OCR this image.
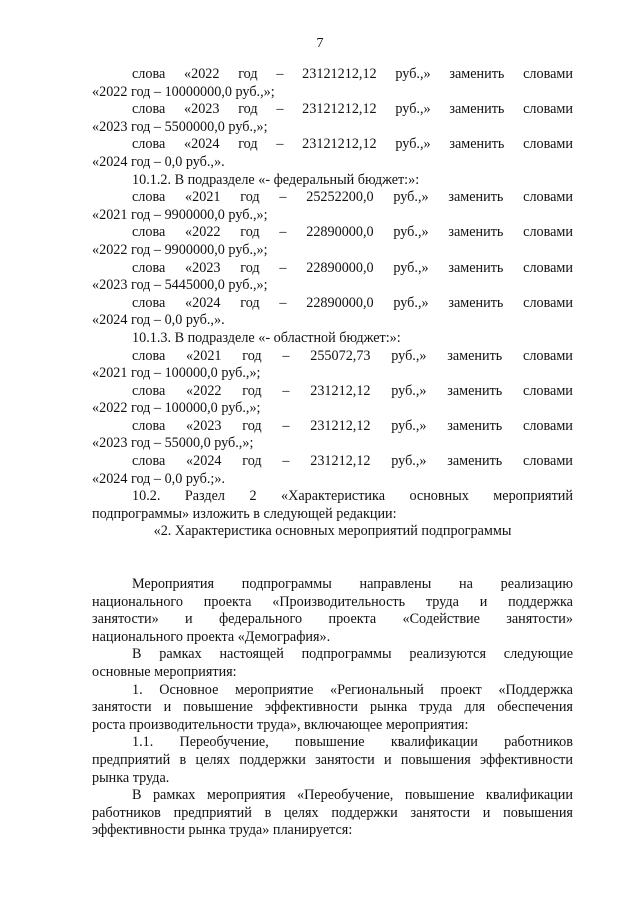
7
слова «2022 год – 23121212,12 руб.,» заменить словами
«2022 год – 10000000,0 руб.,»;
слова «2023 год – 23121212,12 руб.,» заменить словами
«2023 год – 5500000,0 руб.,»;
слова «2024 год – 23121212,12 руб.,» заменить словами
«2024 год – 0,0 руб.,».
10.1.2. В подразделе «- федеральный бюджет:»:
слова «2021 год – 25252200,0 руб.,» заменить словами
«2021 год – 9900000,0 руб.,»;
слова «2022 год – 22890000,0 руб.,» заменить словами
«2022 год – 9900000,0 руб.,»;
слова «2023 год – 22890000,0 руб.,» заменить словами
«2023 год – 5445000,0 руб.,»;
слова «2024 год – 22890000,0 руб.,» заменить словами
«2024 год – 0,0 руб.,».
10.1.3. В подразделе «- областной бюджет:»:
слова «2021 год – 255072,73 руб.,» заменить словами
«2021 год – 100000,0 руб.,»;
слова «2022 год – 231212,12 руб.,» заменить словами
«2022 год – 100000,0 руб.,»;
слова «2023 год – 231212,12 руб.,» заменить словами
«2023 год – 55000,0 руб.,»;
слова «2024 год – 231212,12 руб.,» заменить словами
«2024 год – 0,0 руб.;».
10.2. Раздел 2 «Характеристика основных мероприятий
подпрограммы» изложить в следующей редакции:
«2. Характеристика основных мероприятий подпрограммы
Мероприятия подпрограммы направлены на реализацию
национального проекта «Производительность труда и поддержка
занятости» и федерального проекта «Содействие занятости»
национального проекта «Демография».
В рамках настоящей подпрограммы реализуются следующие
основные мероприятия:
1. Основное мероприятие «Региональный проект «Поддержка
занятости и повышение эффективности рынка труда для обеспечения
роста производительности труда», включающее мероприятия:
1.1. Переобучение, повышение квалификации работников
предприятий в целях поддержки занятости и повышения эффективности
рынка труда.
В рамках мероприятия «Переобучение, повышение квалификации
работников предприятий в целях поддержки занятости и повышения
эффективности рынка труда» планируется:
